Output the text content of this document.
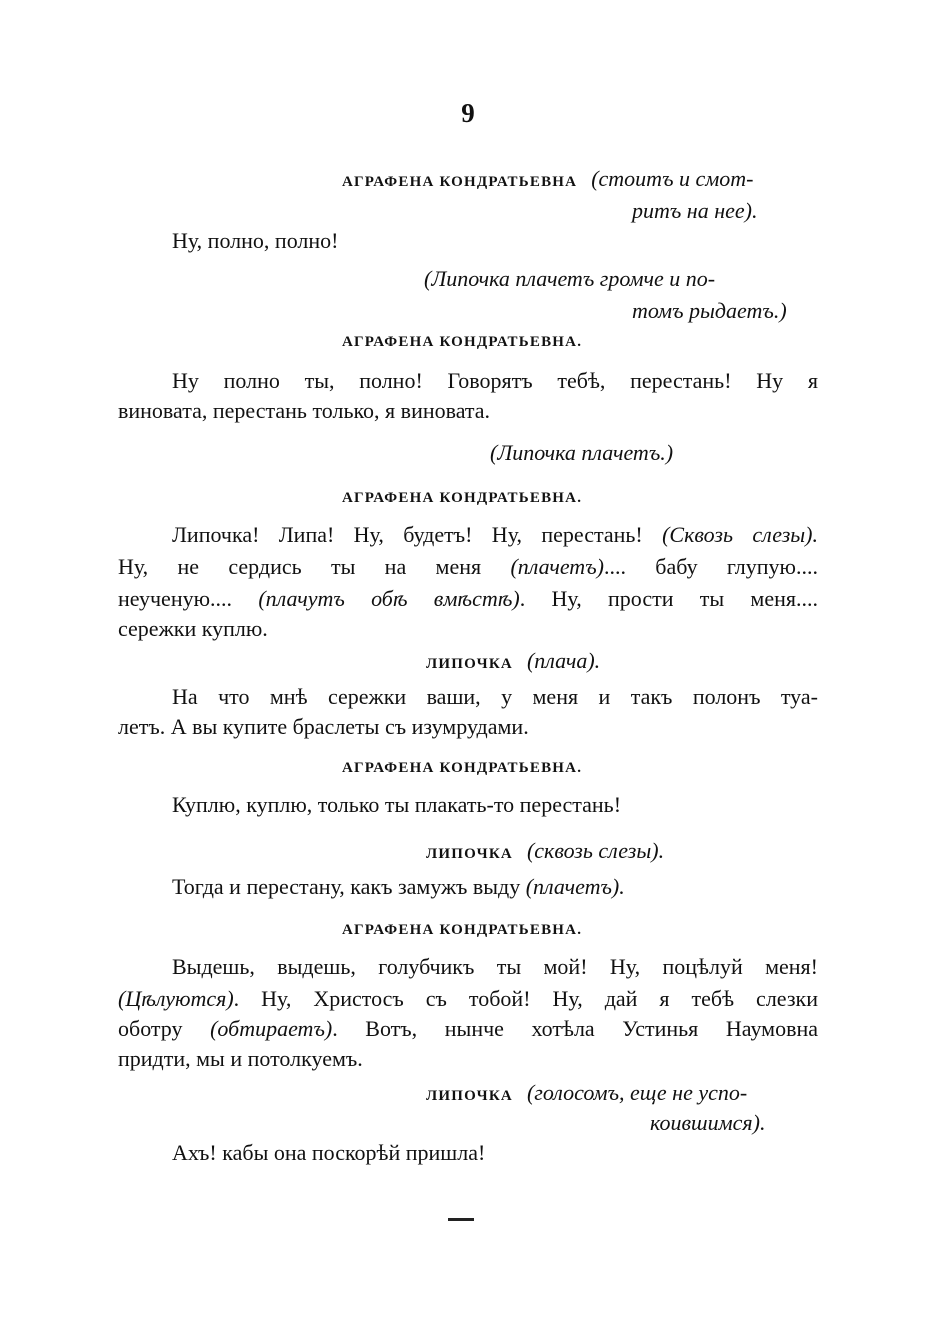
9
АГРАФЕНА КОНДРАТЬЕВНА (стоитъ и смот-
ритъ на нее).
Ну, полно, полно!
(Липочка плачетъ громче и по-
томъ рыдаетъ.)
АГРАФЕНА КОНДРАТЬЕВНА.
Ну полно ты, полно! Говорятъ тебѣ, перестань! Ну я
виновата, перестань только, я виновата.
(Липочка плачетъ.)
АГРАФЕНА КОНДРАТЬЕВНА.
Липочка! Липа! Ну, будетъ! Ну, перестань! (Сквозь слезы).
Ну, не сердись ты на меня (плачетъ).... бабу глупую....
неученую.... (плачутъ обѣ вмѣстѣ). Ну, прости ты меня....
сережки куплю.
ЛИПОЧКА (плача).
На что мнѣ сережки ваши, у меня и такъ полонъ туа-
летъ. А вы купите браслеты съ изумрудами.
АГРАФЕНА КОНДРАТЬЕВНА.
Куплю, куплю, только ты плакать-то перестань!
ЛИПОЧКА (сквозь слезы).
Тогда и перестану, какъ замужъ выду (плачетъ).
АГРАФЕНА КОНДРАТЬЕВНА.
Выдешь, выдешь, голубчикъ ты мой! Ну, поцѣлуй меня!
(Цѣлуются). Ну, Христосъ съ тобой! Ну, дай я тебѣ слезки
оботру (обтираетъ). Вотъ, нынче хотѣла Устинья Наумовна
придти, мы и потолкуемъ.
ЛИПОЧКА (голосомъ, еще не успо-
коившимся).
Ахъ! кабы она поскорѣй пришла!
